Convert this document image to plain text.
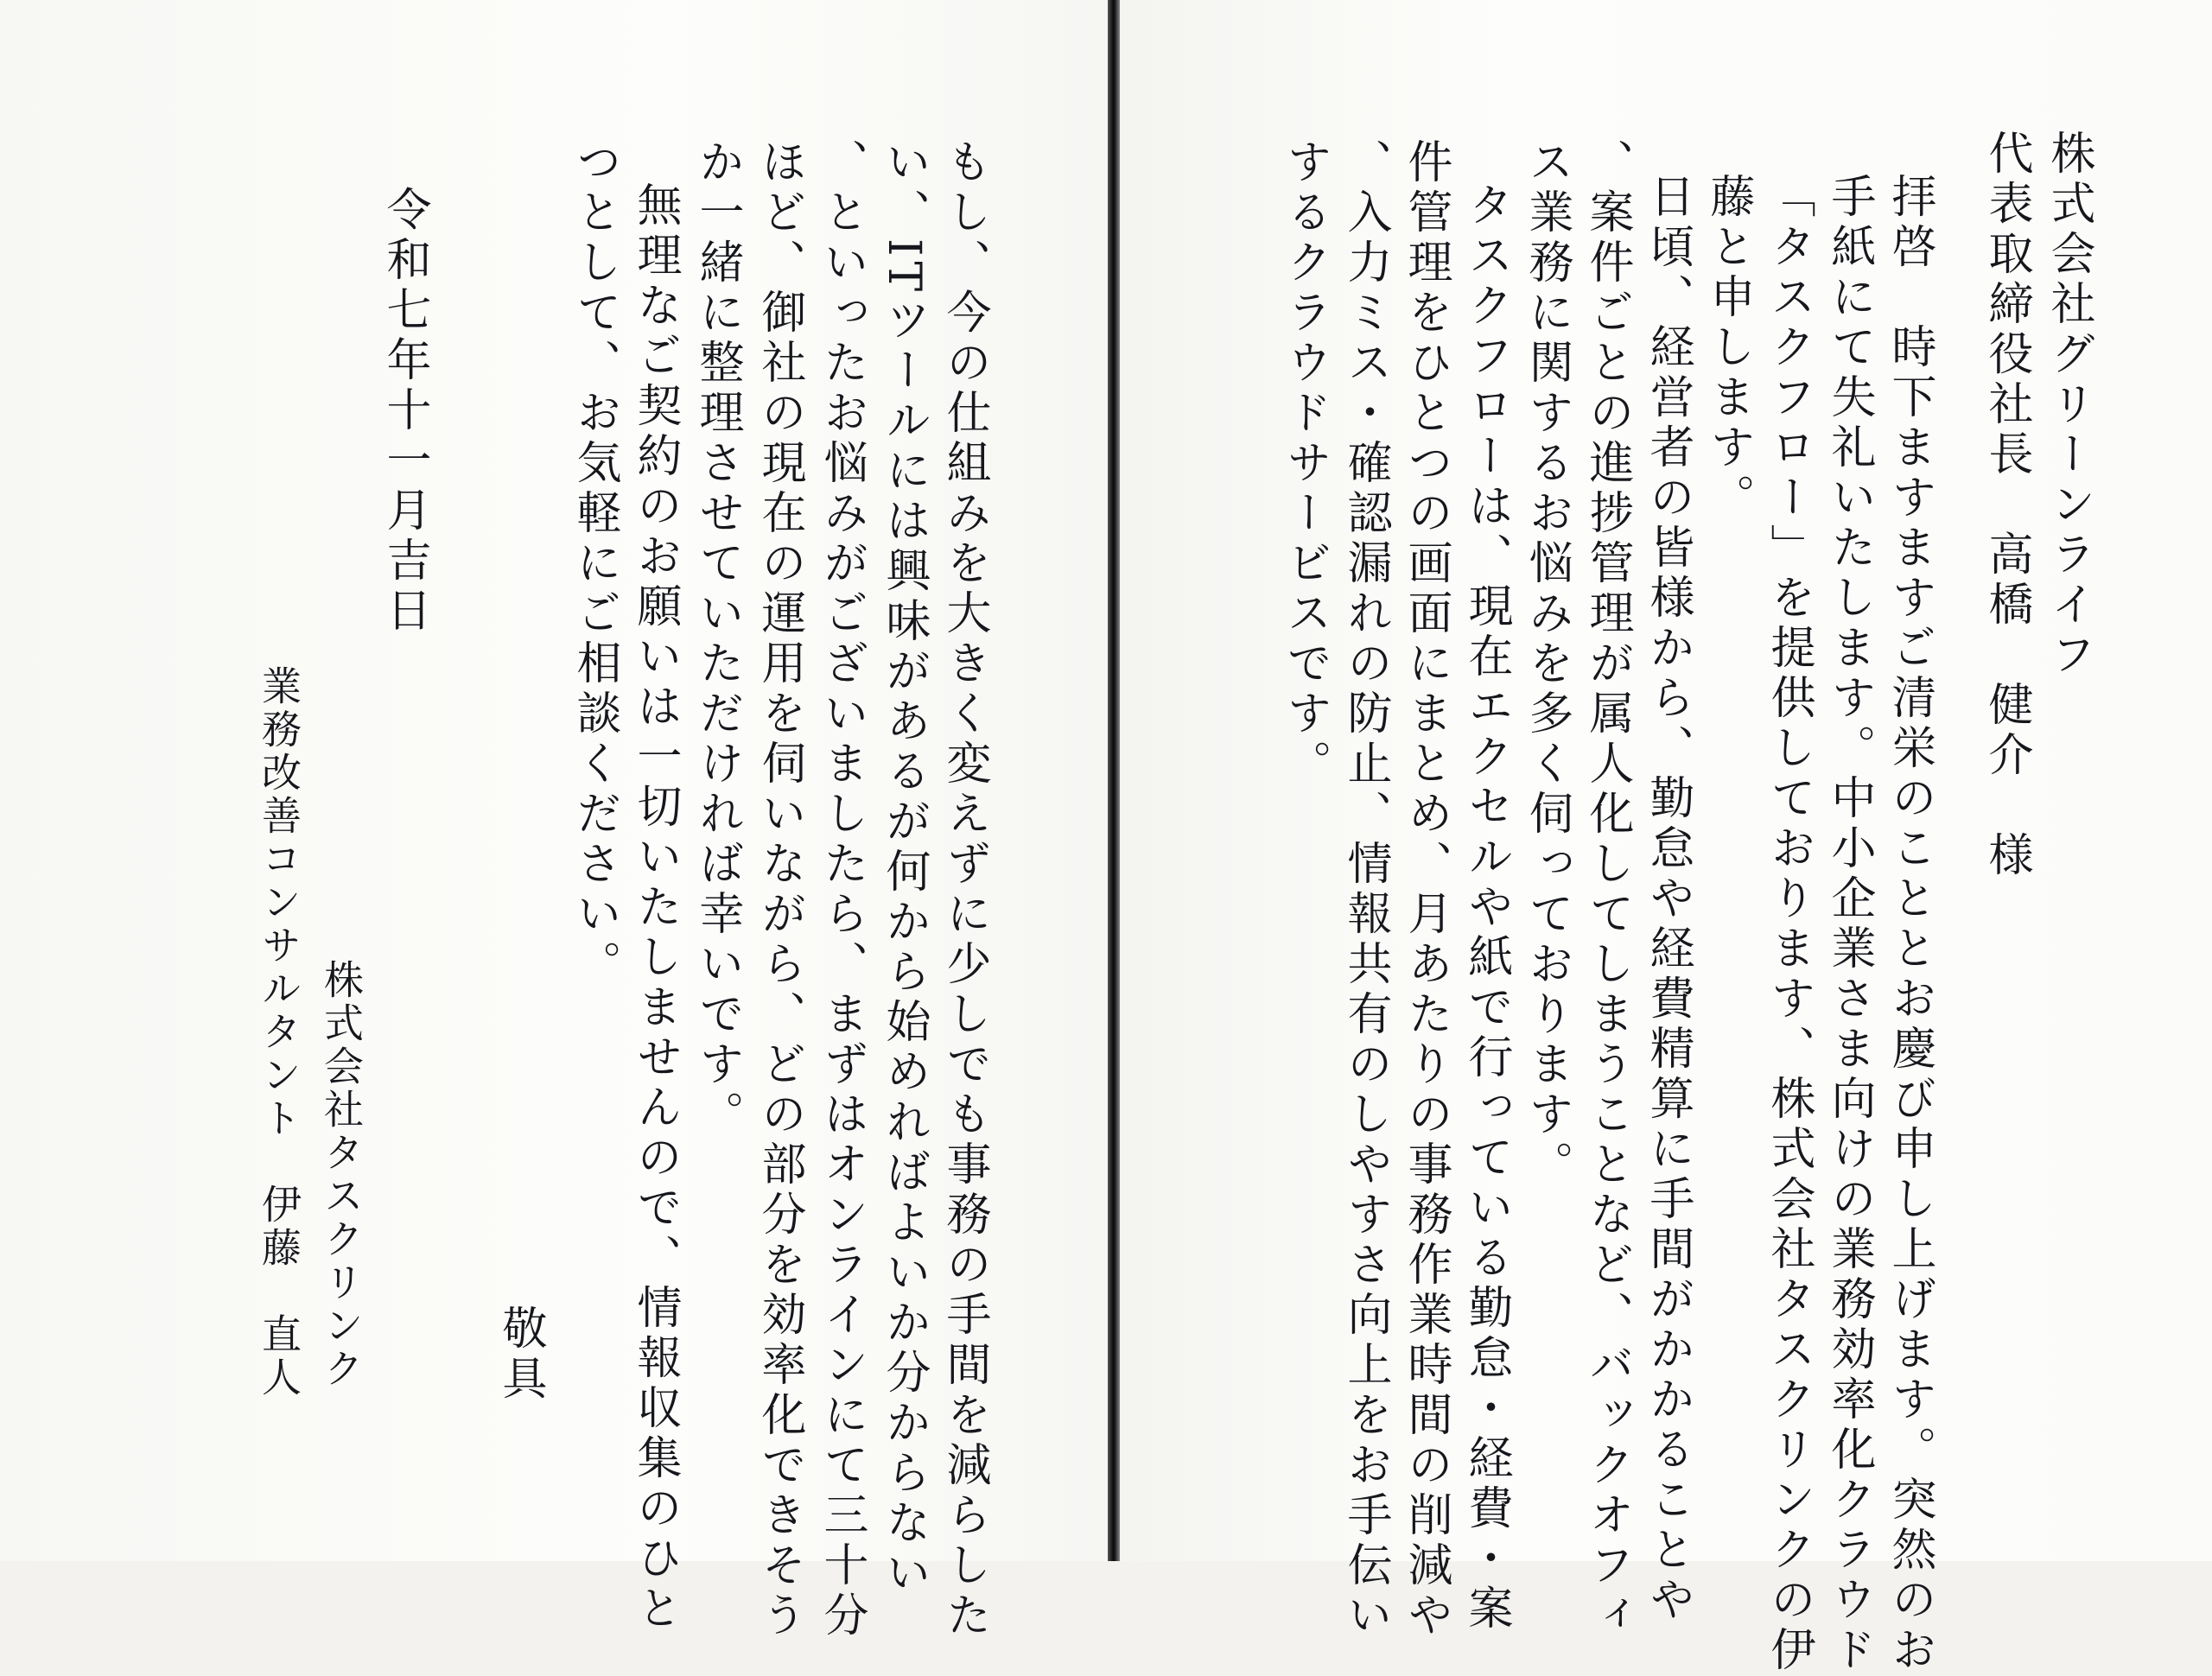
もし、今の仕組みを大きく変えずに少しでも事務の手間を減らした
い、ITツールには興味があるが何から始めればよいか分からない
、といったお悩みがございましたら、まずはオンラインにて三十分
ほど、御社の現在の運用を伺いながら、どの部分を効率化できそう
か一緒に整理させていただければ幸いです。
無理なご契約のお願いは一切いたしませんので、情報収集のひと
つとして、お気軽にご相談ください。
敬具
令和七年十一月吉日
株式会社タスクリンク
業務改善コンサルタント　伊藤　直人
株式会社グリーンライフ
代表取締役社長　高橋　健介　様
拝啓　時下ますますご清栄のこととお慶び申し上げます。突然のお
手紙にて失礼いたします。中小企業さま向けの業務効率化クラウド
「タスクフロー」を提供しております、株式会社タスクリンクの伊
藤と申します。
日頃、経営者の皆様から、勤怠や経費精算に手間がかかることや
、案件ごとの進捗管理が属人化してしまうことなど、バックオフィ
ス業務に関するお悩みを多く伺っております。
タスクフローは、現在エクセルや紙で行っている勤怠・経費・案
件管理をひとつの画面にまとめ、月あたりの事務作業時間の削減や
、入力ミス・確認漏れの防止、情報共有のしやすさ向上をお手伝い
するクラウドサービスです。
